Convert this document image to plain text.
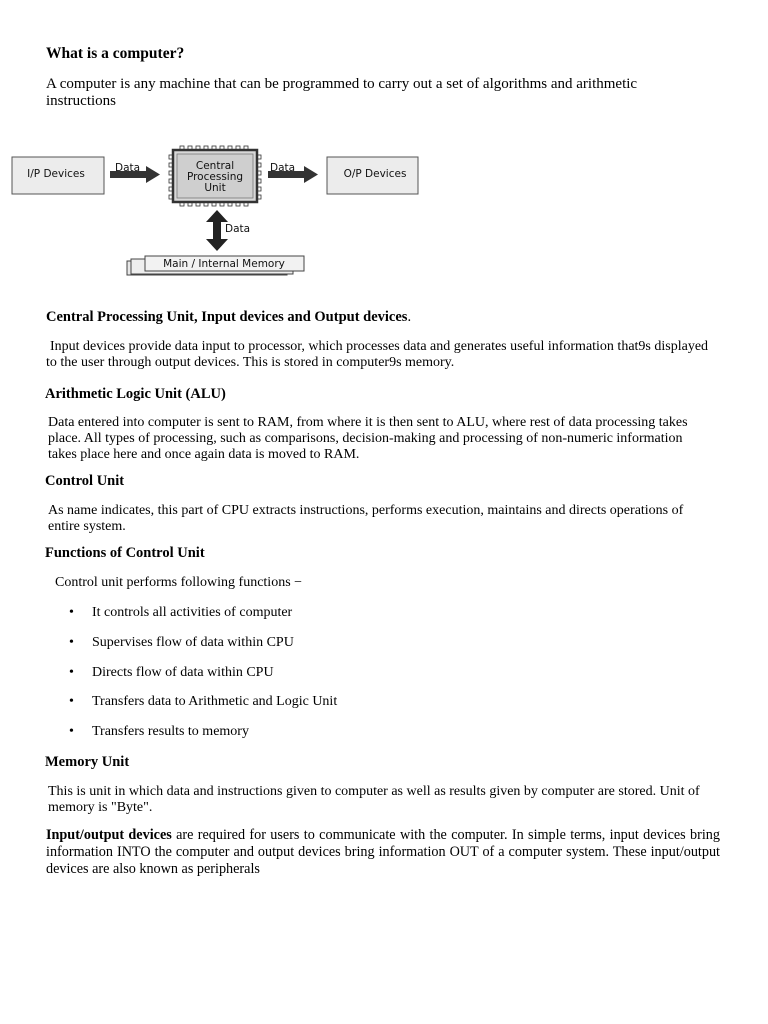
What is a computer?
A computer is any machine that can be programmed to carry out a set of algorithms and arithmetic instructions
I/P Devices	Data	Central
Processing
Unit
Data	O/P Devices
Data
Main / Internal Memory
Central Processing Unit, Input devices and Output devices.
Input devices provide data input to processor, which processes data and generates useful information that9s displayed to the user through output devices. This is stored in computer9s memory.
Arithmetic Logic Unit (ALU)
Data entered into computer is sent to RAM, from where it is then sent to ALU, where rest of data processing takes place. All types of processing, such as comparisons, decision-making and processing of non-numeric information takes place here and once again data is moved to RAM.
Control Unit
As name indicates, this part of CPU extracts instructions, performs execution, maintains and directs operations of entire system.
Functions of Control Unit
Control unit performs following functions −
• It controls all activities of computer
• Supervises flow of data within CPU
• Directs flow of data within CPU
• Transfers data to Arithmetic and Logic Unit
• Transfers results to memory
Memory Unit
This is unit in which data and instructions given to computer as well as results given by computer are stored. Unit of memory is "Byte".
Input/output devices are required for users to communicate with the computer. In simple terms, input devices bring information INTO the computer and output devices bring information OUT of a computer system. These input/output devices are also known as peripherals
